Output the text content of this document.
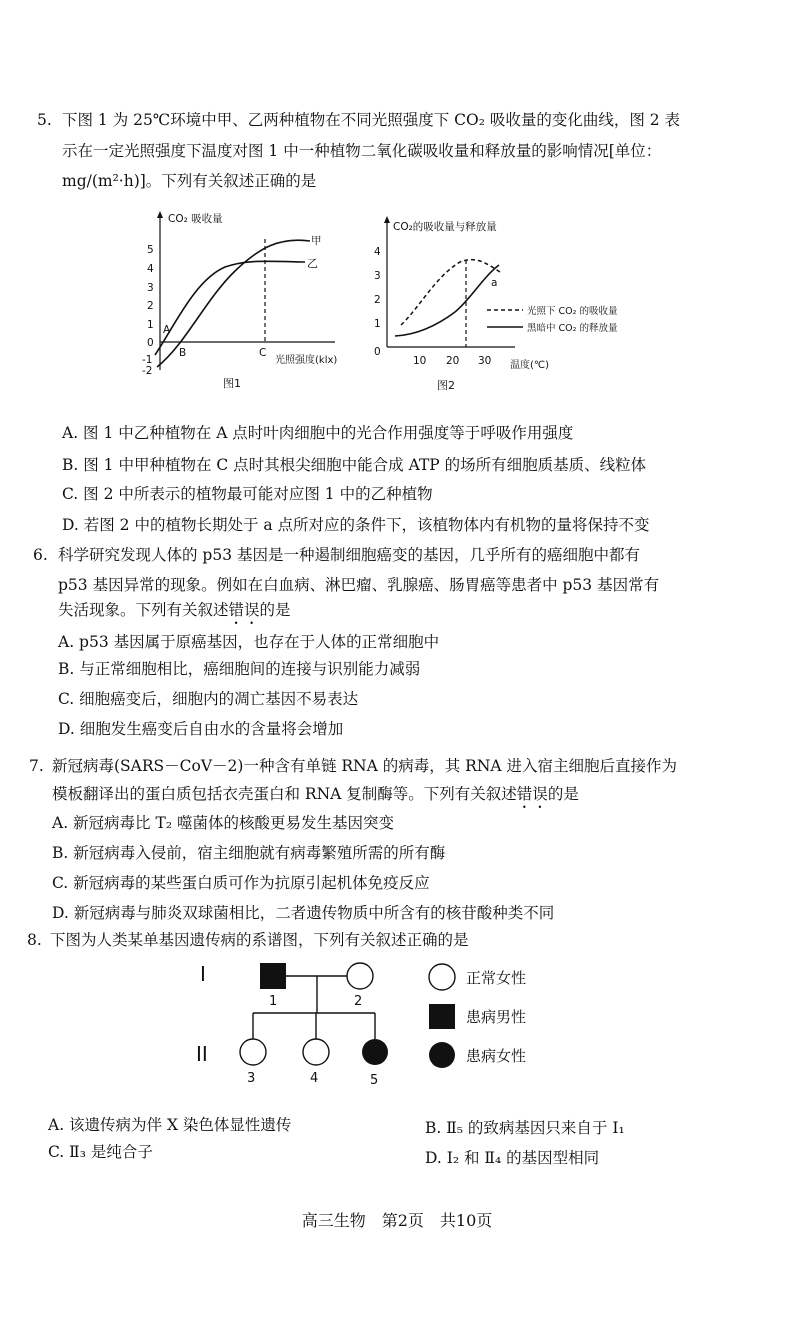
5. 下图 1 为 25℃环境中甲、乙两种植物在不同光照强度下 CO₂ 吸收量的变化曲线，图 2 表
示在一定光照强度下温度对图 1 中一种植物二氧化碳吸收量和释放量的影响情况[单位：
mg/(m²·h)]。下列有关叙述正确的是
CO₂ 吸收量
5
4
3
2
1
0
-1
-2
A
B	C
甲
乙
光照强度(klx)
图1
CO₂的吸收量与释放量
4
3
2
1
0
10 20 30 温度(℃)
a
光照下 CO₂ 的吸收量
黑暗中 CO₂ 的释放量
图2
A. 图 1 中乙种植物在 A 点时叶肉细胞中的光合作用强度等于呼吸作用强度
B. 图 1 中甲种植物在 C 点时其根尖细胞中能合成 ATP 的场所有细胞质基质、线粒体
C. 图 2 中所表示的植物最可能对应图 1 中的乙种植物
D. 若图 2 中的植物长期处于 a 点所对应的条件下，该植物体内有机物的量将保持不变
6. 科学研究发现人体的 p53 基因是一种遏制细胞癌变的基因，几乎所有的癌细胞中都有
p53 基因异常的现象。例如在白血病、淋巴瘤、乳腺癌、肠胃癌等患者中 p53 基因常有
失活现象。下列有关叙述错误的是
A. p53 基因属于原癌基因，也存在于人体的正常细胞中
B. 与正常细胞相比，癌细胞间的连接与识别能力减弱
C. 细胞癌变后，细胞内的凋亡基因不易表达
D. 细胞发生癌变后自由水的含量将会增加
7. 新冠病毒(SARS－CoV－2)一种含有单链 RNA 的病毒，其 RNA 进入宿主细胞后直接作为
模板翻译出的蛋白质包括衣壳蛋白和 RNA 复制酶等。下列有关叙述错误的是
A. 新冠病毒比 T₂ 噬菌体的核酸更易发生基因突变
B. 新冠病毒入侵前，宿主细胞就有病毒繁殖所需的所有酶
C. 新冠病毒的某些蛋白质可作为抗原引起机体免疫反应
D. 新冠病毒与肺炎双球菌相比，二者遗传物质中所含有的核苷酸种类不同
8. 下图为人类某单基因遗传病的系谱图，下列有关叙述正确的是
I
II
1	2
3	4	5
正常女性
患病男性
患病女性
A. 该遗传病为伴 X 染色体显性遗传	B. Ⅱ₅ 的致病基因只来自于 Ⅰ₁
C. Ⅱ₃ 是纯合子	D. Ⅰ₂ 和 Ⅱ₄ 的基因型相同
高三生物　第2页　共10页
